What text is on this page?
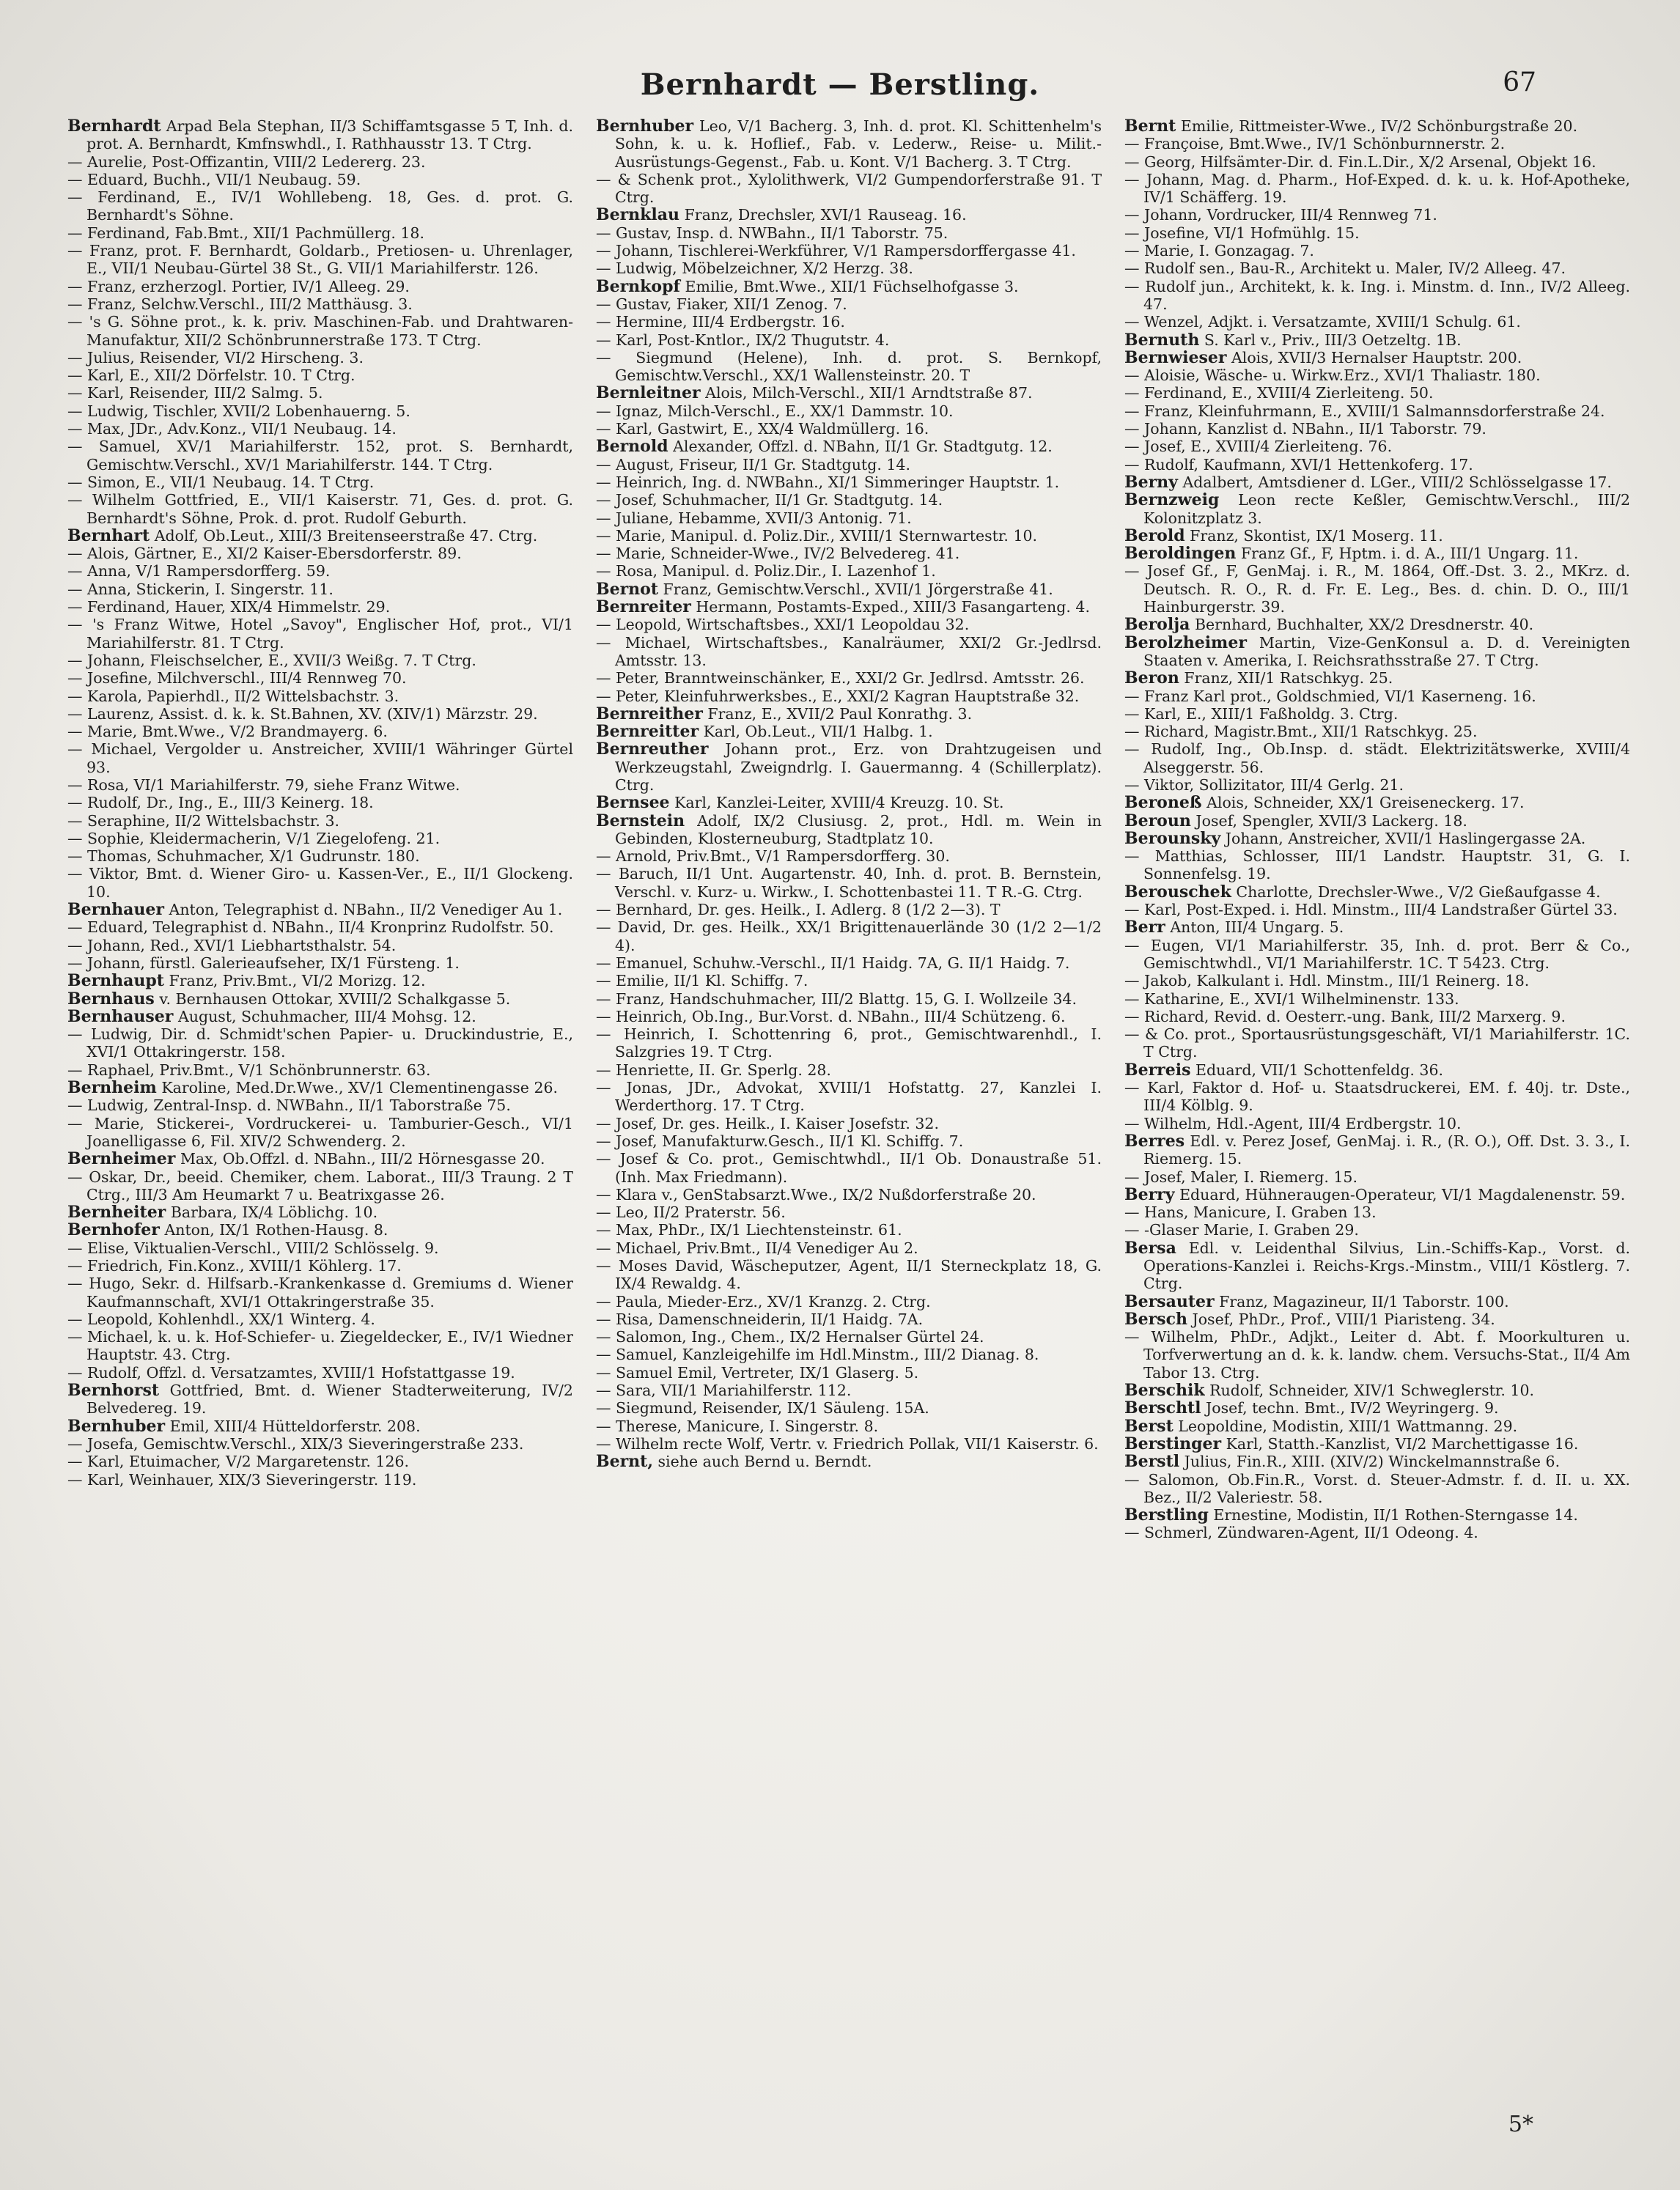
Bernhardt — Berstling.	67
Bernhardt Arpad Bela Stephan, II/3 Schiffamtsgasse 5 T, Inh. d. prot. A. Bernhardt, Kmfnswhdl., I. Rathhausstr 13. T Ctrg.
— Aurelie, Post-Offizantin, VIII/2 Ledererg. 23.
— Eduard, Buchh., VII/1 Neubaug. 59.
— Ferdinand, E., IV/1 Wohllebeng. 18, Ges. d. prot. G. Bernhardt's Söhne.
— Ferdinand, Fab.Bmt., XII/1 Pachmüllerg. 18.
— Franz, prot. F. Bernhardt, Goldarb., Pretiosen- u. Uhrenlager, E., VII/1 Neubau-Gürtel 38 St., G. VII/1 Mariahilferstr. 126.
— Franz, erzherzogl. Portier, IV/1 Alleeg. 29.
— Franz, Selchw.Verschl., III/2 Matthäusg. 3.
— 's G. Söhne prot., k. k. priv. Maschinen-Fab. und Drahtwaren-Manufaktur, XII/2 Schönbrunnerstraße 173. T Ctrg.
— Julius, Reisender, VI/2 Hirscheng. 3.
— Karl, E., XII/2 Dörfelstr. 10. T Ctrg.
— Karl, Reisender, III/2 Salmg. 5.
— Ludwig, Tischler, XVII/2 Lobenhauerng. 5.
— Max, JDr., Adv.Konz., VII/1 Neubaug. 14.
— Samuel, XV/1 Mariahilferstr. 152, prot. S. Bernhardt, Gemischtw.Verschl., XV/1 Mariahilferstr. 144. T Ctrg.
— Simon, E., VII/1 Neubaug. 14. T Ctrg.
— Wilhelm Gottfried, E., VII/1 Kaiserstr. 71, Ges. d. prot. G. Bernhardt's Söhne, Prok. d. prot. Rudolf Geburth.
Bernhart Adolf, Ob.Leut., XIII/3 Breitenseerstraße 47. Ctrg.
— Alois, Gärtner, E., XI/2 Kaiser-Ebersdorferstr. 89.
— Anna, V/1 Rampersdorfferg. 59.
— Anna, Stickerin, I. Singerstr. 11.
— Ferdinand, Hauer, XIX/4 Himmelstr. 29.
— 's Franz Witwe, Hotel „Savoy", Englischer Hof, prot., VI/1 Mariahilferstr. 81. T Ctrg.
— Johann, Fleischselcher, E., XVII/3 Weißg. 7. T Ctrg.
— Josefine, Milchverschl., III/4 Rennweg 70.
— Karola, Papierhdl., II/2 Wittelsbachstr. 3.
— Laurenz, Assist. d. k. k. St.Bahnen, XV. (XIV/1) Märzstr. 29.
— Marie, Bmt.Wwe., V/2 Brandmayerg. 6.
— Michael, Vergolder u. Anstreicher, XVIII/1 Währinger Gürtel 93.
— Rosa, VI/1 Mariahilferstr. 79, siehe Franz Witwe.
— Rudolf, Dr., Ing., E., III/3 Keinerg. 18.
— Seraphine, II/2 Wittelsbachstr. 3.
— Sophie, Kleidermacherin, V/1 Ziegelofeng. 21.
— Thomas, Schuhmacher, X/1 Gudrunstr. 180.
— Viktor, Bmt. d. Wiener Giro- u. Kassen-Ver., E., II/1 Glockeng. 10.
Bernhauer Anton, Telegraphist d. NBahn., II/2 Venediger Au 1.
— Eduard, Telegraphist d. NBahn., II/4 Kronprinz Rudolfstr. 50.
— Johann, Red., XVI/1 Liebhartsthalstr. 54.
— Johann, fürstl. Galerieaufseher, IX/1 Fürsteng. 1.
Bernhaupt Franz, Priv.Bmt., VI/2 Morizg. 12.
Bernhaus v. Bernhausen Ottokar, XVIII/2 Schalkgasse 5.
Bernhauser August, Schuhmacher, III/4 Mohsg. 12.
— Ludwig, Dir. d. Schmidt'schen Papier- u. Druckindustrie, E., XVI/1 Ottakringerstr. 158.
— Raphael, Priv.Bmt., V/1 Schönbrunnerstr. 63.
Bernheim Karoline, Med.Dr.Wwe., XV/1 Clementinengasse 26.
— Ludwig, Zentral-Insp. d. NWBahn., II/1 Taborstraße 75.
— Marie, Stickerei-, Vordruckerei- u. Tamburier-Gesch., VI/1 Joanelligasse 6, Fil. XIV/2 Schwenderg. 2.
Bernheimer Max, Ob.Offzl. d. NBahn., III/2 Hörnesgasse 20.
— Oskar, Dr., beeid. Chemiker, chem. Laborat., III/3 Traung. 2 T Ctrg., III/3 Am Heumarkt 7 u. Beatrixgasse 26.
Bernheiter Barbara, IX/4 Löblichg. 10.
Bernhofer Anton, IX/1 Rothen-Hausg. 8.
— Elise, Viktualien-Verschl., VIII/2 Schlösselg. 9.
— Friedrich, Fin.Konz., XVIII/1 Köhlerg. 17.
— Hugo, Sekr. d. Hilfsarb.-Krankenkasse d. Gremiums d. Wiener Kaufmannschaft, XVI/1 Ottakringerstraße 35.
— Leopold, Kohlenhdl., XX/1 Winterg. 4.
— Michael, k. u. k. Hof-Schiefer- u. Ziegeldecker, E., IV/1 Wiedner Hauptstr. 43. Ctrg.
— Rudolf, Offzl. d. Versatzamtes, XVIII/1 Hofstattgasse 19.
Bernhorst Gottfried, Bmt. d. Wiener Stadterweiterung, IV/2 Belvedereg. 19.
Bernhuber Emil, XIII/4 Hütteldorferstr. 208.
— Josefa, Gemischtw.Verschl., XIX/3 Sieveringerstraße 233.
— Karl, Etuimacher, V/2 Margaretenstr. 126.
— Karl, Weinhauer, XIX/3 Sieveringerstr. 119.
Bernhuber Leo, V/1 Bacherg. 3, Inh. d. prot. Kl. Schittenhelm's Sohn, k. u. k. Hoflief., Fab. v. Lederw., Reise- u. Milit.-Ausrüstungs-Gegenst., Fab. u. Kont. V/1 Bacherg. 3. T Ctrg.
— & Schenk prot., Xylolithwerk, VI/2 Gumpendorferstraße 91. T Ctrg.
Bernklau Franz, Drechsler, XVI/1 Rauseag. 16.
— Gustav, Insp. d. NWBahn., II/1 Taborstr. 75.
— Johann, Tischlerei-Werkführer, V/1 Rampersdorffergasse 41.
— Ludwig, Möbelzeichner, X/2 Herzg. 38.
Bernkopf Emilie, Bmt.Wwe., XII/1 Füchselhofgasse 3.
— Gustav, Fiaker, XII/1 Zenog. 7.
— Hermine, III/4 Erdbergstr. 16.
— Karl, Post-Kntlor., IX/2 Thugutstr. 4.
— Siegmund (Helene), Inh. d. prot. S. Bernkopf, Gemischtw.Verschl., XX/1 Wallensteinstr. 20. T
Bernleitner Alois, Milch-Verschl., XII/1 Arndtstraße 87.
— Ignaz, Milch-Verschl., E., XX/1 Dammstr. 10.
— Karl, Gastwirt, E., XX/4 Waldmüllerg. 16.
Bernold Alexander, Offzl. d. NBahn, II/1 Gr. Stadtgutg. 12.
— August, Friseur, II/1 Gr. Stadtgutg. 14.
— Heinrich, Ing. d. NWBahn., XI/1 Simmeringer Hauptstr. 1.
— Josef, Schuhmacher, II/1 Gr. Stadtgutg. 14.
— Juliane, Hebamme, XVII/3 Antonig. 71.
— Marie, Manipul. d. Poliz.Dir., XVIII/1 Sternwartestr. 10.
— Marie, Schneider-Wwe., IV/2 Belvedereg. 41.
— Rosa, Manipul. d. Poliz.Dir., I. Lazenhof 1.
Bernot Franz, Gemischtw.Verschl., XVII/1 Jörgerstraße 41.
Bernreiter Hermann, Postamts-Exped., XIII/3 Fasangarteng. 4.
— Leopold, Wirtschaftsbes., XXI/1 Leopoldau 32.
— Michael, Wirtschaftsbes., Kanalräumer, XXI/2 Gr.-Jedlrsd. Amtsstr. 13.
— Peter, Branntweinschänker, E., XXI/2 Gr. Jedlrsd. Amtsstr. 26.
— Peter, Kleinfuhrwerksbes., E., XXI/2 Kagran Hauptstraße 32.
Bernreither Franz, E., XVII/2 Paul Konrathg. 3.
Bernreitter Karl, Ob.Leut., VII/1 Halbg. 1.
Bernreuther Johann prot., Erz. von Drahtzugeisen und Werkzeugstahl, Zweigndrlg. I. Gauermanng. 4 (Schillerplatz). Ctrg.
Bernsee Karl, Kanzlei-Leiter, XVIII/4 Kreuzg. 10. St.
Bernstein Adolf, IX/2 Clusiusg. 2, prot., Hdl. m. Wein in Gebinden, Klosterneuburg, Stadtplatz 10.
— Arnold, Priv.Bmt., V/1 Rampersdorfferg. 30.
— Baruch, II/1 Unt. Augartenstr. 40, Inh. d. prot. B. Bernstein, Verschl. v. Kurz- u. Wirkw., I. Schottenbastei 11. T R.-G. Ctrg.
— Bernhard, Dr. ges. Heilk., I. Adlerg. 8 (1/2 2—3). T
— David, Dr. ges. Heilk., XX/1 Brigittenauerlände 30 (1/2 2—1/2 4).
— Emanuel, Schuhw.-Verschl., II/1 Haidg. 7A, G. II/1 Haidg. 7.
— Emilie, II/1 Kl. Schiffg. 7.
— Franz, Handschuhmacher, III/2 Blattg. 15, G. I. Wollzeile 34.
— Heinrich, Ob.Ing., Bur.Vorst. d. NBahn., III/4 Schützeng. 6.
— Heinrich, I. Schottenring 6, prot., Gemischtwarenhdl., I. Salzgries 19. T Ctrg.
— Henriette, II. Gr. Sperlg. 28.
— Jonas, JDr., Advokat, XVIII/1 Hofstattg. 27, Kanzlei I. Werderthorg. 17. T Ctrg.
— Josef, Dr. ges. Heilk., I. Kaiser Josefstr. 32.
— Josef, Manufakturw.Gesch., II/1 Kl. Schiffg. 7.
— Josef & Co. prot., Gemischtwhdl., II/1 Ob. Donaustraße 51. (Inh. Max Friedmann).
— Klara v., GenStabsarzt.Wwe., IX/2 Nußdorferstraße 20.
— Leo, II/2 Praterstr. 56.
— Max, PhDr., IX/1 Liechtensteinstr. 61.
— Michael, Priv.Bmt., II/4 Venediger Au 2.
— Moses David, Wäscheputzer, Agent, II/1 Sterneckplatz 18, G. IX/4 Rewaldg. 4.
— Paula, Mieder-Erz., XV/1 Kranzg. 2. Ctrg.
— Risa, Damenschneiderin, II/1 Haidg. 7A.
— Salomon, Ing., Chem., IX/2 Hernalser Gürtel 24.
— Samuel, Kanzleigehilfe im Hdl.Minstm., III/2 Dianag. 8.
— Samuel Emil, Vertreter, IX/1 Glaserg. 5.
— Sara, VII/1 Mariahilferstr. 112.
— Siegmund, Reisender, IX/1 Säuleng. 15A.
— Therese, Manicure, I. Singerstr. 8.
— Wilhelm recte Wolf, Vertr. v. Friedrich Pollak, VII/1 Kaiserstr. 6.
Bernt, siehe auch Bernd u. Berndt.
Bernt Emilie, Rittmeister-Wwe., IV/2 Schönburgstraße 20.
— Françoise, Bmt.Wwe., IV/1 Schönburnnerstr. 2.
— Georg, Hilfsämter-Dir. d. Fin.L.Dir., X/2 Arsenal, Objekt 16.
— Johann, Mag. d. Pharm., Hof-Exped. d. k. u. k. Hof-Apotheke, IV/1 Schäfferg. 19.
— Johann, Vordrucker, III/4 Rennweg 71.
— Josefine, VI/1 Hofmühlg. 15.
— Marie, I. Gonzagag. 7.
— Rudolf sen., Bau-R., Architekt u. Maler, IV/2 Alleeg. 47.
— Rudolf jun., Architekt, k. k. Ing. i. Minstm. d. Inn., IV/2 Alleeg. 47.
— Wenzel, Adjkt. i. Versatzamte, XVIII/1 Schulg. 61.
Bernuth S. Karl v., Priv., III/3 Oetzeltg. 1B.
Bernwieser Alois, XVII/3 Hernalser Hauptstr. 200.
— Aloisie, Wäsche- u. Wirkw.Erz., XVI/1 Thaliastr. 180.
— Ferdinand, E., XVIII/4 Zierleiteng. 50.
— Franz, Kleinfuhrmann, E., XVIII/1 Salmannsdorferstraße 24.
— Johann, Kanzlist d. NBahn., II/1 Taborstr. 79.
— Josef, E., XVIII/4 Zierleiteng. 76.
— Rudolf, Kaufmann, XVI/1 Hettenkoferg. 17.
Berny Adalbert, Amtsdiener d. LGer., VIII/2 Schlösselgasse 17.
Bernzweig Leon recte Keßler, Gemischtw.Verschl., III/2 Kolonitzplatz 3.
Berold Franz, Skontist, IX/1 Moserg. 11.
Beroldingen Franz Gf., F, Hptm. i. d. A., III/1 Ungarg. 11.
— Josef Gf., F, GenMaj. i. R., M. 1864, Off.-Dst. 3. 2., MKrz. d. Deutsch. R. O., R. d. Fr. E. Leg., Bes. d. chin. D. O., III/1 Hainburgerstr. 39.
Berolja Bernhard, Buchhalter, XX/2 Dresdnerstr. 40.
Berolzheimer Martin, Vize-GenKonsul a. D. d. Vereinigten Staaten v. Amerika, I. Reichsrathsstraße 27. T Ctrg.
Beron Franz, XII/1 Ratschkyg. 25.
— Franz Karl prot., Goldschmied, VI/1 Kaserneng. 16.
— Karl, E., XIII/1 Faßholdg. 3. Ctrg.
— Richard, Magistr.Bmt., XII/1 Ratschkyg. 25.
— Rudolf, Ing., Ob.Insp. d. städt. Elektrizitätswerke, XVIII/4 Alseggerstr. 56.
— Viktor, Sollizitator, III/4 Gerlg. 21.
Beroneß Alois, Schneider, XX/1 Greiseneckerg. 17.
Beroun Josef, Spengler, XVII/3 Lackerg. 18.
Berounsky Johann, Anstreicher, XVII/1 Haslingergasse 2A.
— Matthias, Schlosser, III/1 Landstr. Hauptstr. 31, G. I. Sonnenfelsg. 19.
Berouschek Charlotte, Drechsler-Wwe., V/2 Gießaufgasse 4.
— Karl, Post-Exped. i. Hdl. Minstm., III/4 Landstraßer Gürtel 33.
Berr Anton, III/4 Ungarg. 5.
— Eugen, VI/1 Mariahilferstr. 35, Inh. d. prot. Berr & Co., Gemischtwhdl., VI/1 Mariahilferstr. 1C. T 5423. Ctrg.
— Jakob, Kalkulant i. Hdl. Minstm., III/1 Reinerg. 18.
— Katharine, E., XVI/1 Wilhelminenstr. 133.
— Richard, Revid. d. Oesterr.-ung. Bank, III/2 Marxerg. 9.
— & Co. prot., Sportausrüstungsgeschäft, VI/1 Mariahilferstr. 1C. T Ctrg.
Berreis Eduard, VII/1 Schottenfeldg. 36.
— Karl, Faktor d. Hof- u. Staatsdruckerei, EM. f. 40j. tr. Dste., III/4 Kölblg. 9.
— Wilhelm, Hdl.-Agent, III/4 Erdbergstr. 10.
Berres Edl. v. Perez Josef, GenMaj. i. R., (R. O.), Off. Dst. 3. 3., I. Riemerg. 15.
— Josef, Maler, I. Riemerg. 15.
Berry Eduard, Hühneraugen-Operateur, VI/1 Magdalenenstr. 59.
— Hans, Manicure, I. Graben 13.
— -Glaser Marie, I. Graben 29.
Bersa Edl. v. Leidenthal Silvius, Lin.-Schiffs-Kap., Vorst. d. Operations-Kanzlei i. Reichs-Krgs.-Minstm., VIII/1 Köstlerg. 7. Ctrg.
Bersauter Franz, Magazineur, II/1 Taborstr. 100.
Bersch Josef, PhDr., Prof., VIII/1 Piaristeng. 34.
— Wilhelm, PhDr., Adjkt., Leiter d. Abt. f. Moorkulturen u. Torfverwertung an d. k. k. landw. chem. Versuchs-Stat., II/4 Am Tabor 13. Ctrg.
Berschik Rudolf, Schneider, XIV/1 Schweglerstr. 10.
Berschtl Josef, techn. Bmt., IV/2 Weyringerg. 9.
Berst Leopoldine, Modistin, XIII/1 Wattmanng. 29.
Berstinger Karl, Statth.-Kanzlist, VI/2 Marchettigasse 16.
Berstl Julius, Fin.R., XIII. (XIV/2) Winckelmannstraße 6.
— Salomon, Ob.Fin.R., Vorst. d. Steuer-Admstr. f. d. II. u. XX. Bez., II/2 Valeriestr. 58.
Berstling Ernestine, Modistin, II/1 Rothen-Sterngasse 14.
— Schmerl, Zündwaren-Agent, II/1 Odeong. 4.
5*
